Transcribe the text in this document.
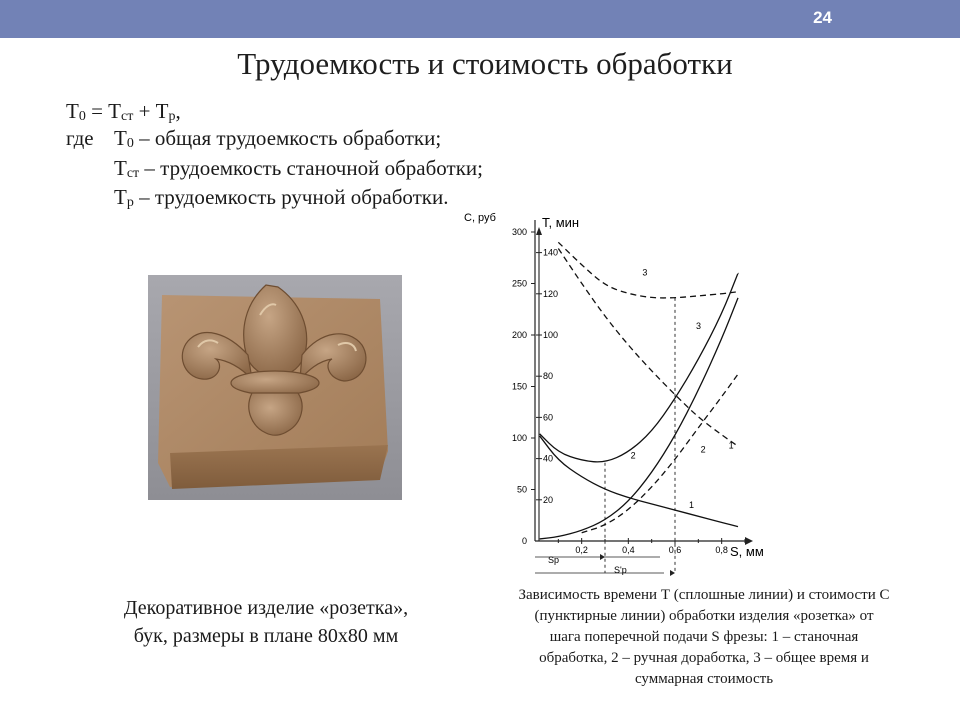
24
Трудоемкость и стоимость обработки
$Т_0 = Т_{ст} + Т_р$,
где $Т_0$ – общая трудоемкость обработки;
$Т_{ст}$ – трудоемкость станочной обработки;
$Т_р$ – трудоемкость ручной обработки.
Декоративное изделие «розетка»,
бук, размеры в плане 80х80 мм
С, руб	Т, мин
S, мм
Sp
S'p
0
50
100
150
200
250
300
20
40
60
80
100
120
140
0,2	0,4	0,6	0,8
1
2
3
1
2
3
Зависимость времени Т (сплошные линии) и стоимости С
(пунктирные линии) обработки изделия «розетка» от
шага поперечной подачи S фрезы: 1 – станочная
обработка, 2 – ручная доработка, 3 – общее время и
суммарная стоимость
